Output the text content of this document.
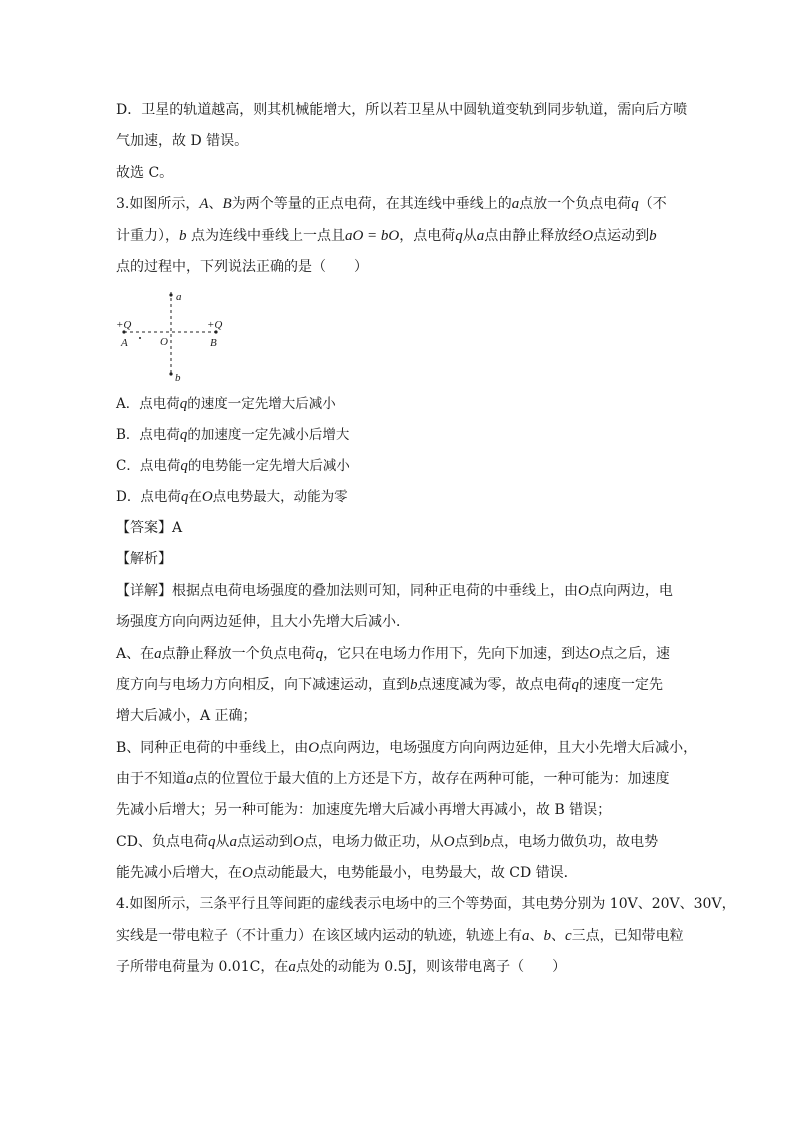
D．卫星的轨道越高，则其机械能增大，所以若卫星从中圆轨道变轨到同步轨道，需向后方喷
气加速，故 D 错误。
故选 C。
3.如图所示，A、B为两个等量的正点电荷，在其连线中垂线上的a点放一个负点电荷q（不
计重力），b 点为连线中垂线上一点且aO = bO，点电荷q从a点由静止释放经O点运动到b
点的过程中，下列说法正确的是（　　）
a
b
O
A	B
+Q	+Q
A．点电荷q的速度一定先增大后减小
B．点电荷q的加速度一定先减小后增大
C．点电荷q的电势能一定先增大后减小
D．点电荷q在O点电势最大，动能为零
【答案】A
【解析】
【详解】根据点电荷电场强度的叠加法则可知，同种正电荷的中垂线上，由O点向两边，电
场强度方向向两边延伸，且大小先增大后减小．
A、在a点静止释放一个负点电荷q，它只在电场力作用下，先向下加速，到达O点之后，速
度方向与电场力方向相反，向下减速运动，直到b点速度减为零，故点电荷q的速度一定先
增大后减小，A 正确；
B、同种正电荷的中垂线上，由O点向两边，电场强度方向向两边延伸，且大小先增大后减小，
由于不知道a点的位置位于最大值的上方还是下方，故存在两种可能，一种可能为：加速度
先减小后增大；另一种可能为：加速度先增大后减小再增大再减小，故 B 错误；
CD、负点电荷q从a点运动到O点，电场力做正功，从O点到b点，电场力做负功，故电势
能先减小后增大，在O点动能最大，电势能最小，电势最大，故 CD 错误．
4.如图所示，三条平行且等间距的虚线表示电场中的三个等势面，其电势分别为 10V、20V、30V，
实线是一带电粒子（不计重力）在该区域内运动的轨迹，轨迹上有a、b、c三点，已知带电粒
子所带电荷量为 0.01C，在a点处的动能为 0.5J，则该带电离子（　　）
